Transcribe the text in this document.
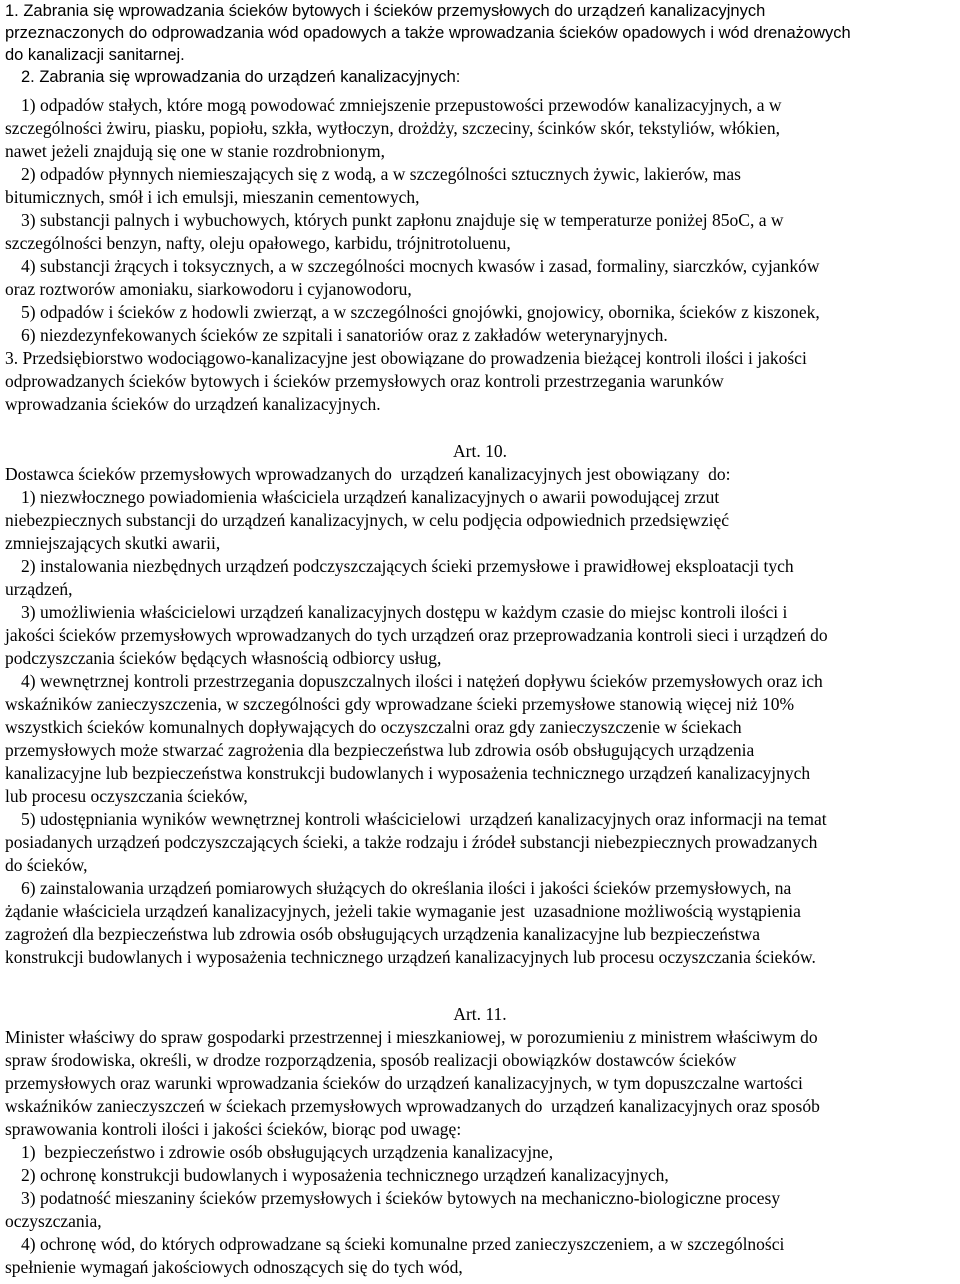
1. Zabrania się wprowadzania ścieków bytowych i ścieków przemysłowych do urządzeń kanalizacyjnych
przeznaczonych do odprowadzania wód opadowych a także wprowadzania ścieków opadowych i wód drenażowych
do kanalizacji sanitarnej.
2. Zabrania się wprowadzania do urządzeń kanalizacyjnych:
1) odpadów stałych, które mogą powodować zmniejszenie przepustowości przewodów kanalizacyjnych, a w
szczególności żwiru, piasku, popiołu, szkła, wytłoczyn, drożdży, szczeciny, ścinków skór, tekstyliów, włókien,
nawet jeżeli znajdują się one w stanie rozdrobnionym,
2) odpadów płynnych niemieszających się z wodą, a w szczególności sztucznych żywic, lakierów, mas
bitumicznych, smół i ich emulsji, mieszanin cementowych,
3) substancji palnych i wybuchowych, których punkt zapłonu znajduje się w temperaturze poniżej 85oC, a w
szczególności benzyn, nafty, oleju opałowego, karbidu, trójnitrotoluenu,
4) substancji żrących i toksycznych, a w szczególności mocnych kwasów i zasad, formaliny, siarczków, cyjanków
oraz roztworów amoniaku, siarkowodoru i cyjanowodoru,
5) odpadów i ścieków z hodowli zwierząt, a w szczególności gnojówki, gnojowicy, obornika, ścieków z kiszonek,
6) niezdezynfekowanych ścieków ze szpitali i sanatoriów oraz z zakładów weterynaryjnych.
3. Przedsiębiorstwo wodociągowo-kanalizacyjne jest obowiązane do prowadzenia bieżącej kontroli ilości i jakości
odprowadzanych ścieków bytowych i ścieków przemysłowych oraz kontroli przestrzegania warunków
wprowadzania ścieków do urządzeń kanalizacyjnych.
Art. 10.
Dostawca ścieków przemysłowych wprowadzanych do  urządzeń kanalizacyjnych jest obowiązany  do:
1) niezwłocznego powiadomienia właściciela urządzeń kanalizacyjnych o awarii powodującej zrzut
niebezpiecznych substancji do urządzeń kanalizacyjnych, w celu podjęcia odpowiednich przedsięwzięć
zmniejszających skutki awarii,
2) instalowania niezbędnych urządzeń podczyszczających ścieki przemysłowe i prawidłowej eksploatacji tych
urządzeń,
3) umożliwienia właścicielowi urządzeń kanalizacyjnych dostępu w każdym czasie do miejsc kontroli ilości i
jakości ścieków przemysłowych wprowadzanych do tych urządzeń oraz przeprowadzania kontroli sieci i urządzeń do
podczyszczania ścieków będących własnością odbiorcy usług,
4) wewnętrznej kontroli przestrzegania dopuszczalnych ilości i natężeń dopływu ścieków przemysłowych oraz ich
wskaźników zanieczyszczenia, w szczególności gdy wprowadzane ścieki przemysłowe stanowią więcej niż 10%
wszystkich ścieków komunalnych dopływających do oczyszczalni oraz gdy zanieczyszczenie w ściekach
przemysłowych może stwarzać zagrożenia dla bezpieczeństwa lub zdrowia osób obsługujących urządzenia
kanalizacyjne lub bezpieczeństwa konstrukcji budowlanych i wyposażenia technicznego urządzeń kanalizacyjnych
lub procesu oczyszczania ścieków,
5) udostępniania wyników wewnętrznej kontroli właścicielowi  urządzeń kanalizacyjnych oraz informacji na temat
posiadanych urządzeń podczyszczających ścieki, a także rodzaju i źródeł substancji niebezpiecznych prowadzanych
do ścieków,
6) zainstalowania urządzeń pomiarowych służących do określania ilości i jakości ścieków przemysłowych, na
żądanie właściciela urządzeń kanalizacyjnych, jeżeli takie wymaganie jest  uzasadnione możliwością wystąpienia
zagrożeń dla bezpieczeństwa lub zdrowia osób obsługujących urządzenia kanalizacyjne lub bezpieczeństwa
konstrukcji budowlanych i wyposażenia technicznego urządzeń kanalizacyjnych lub procesu oczyszczania ścieków.
Art. 11.
Minister właściwy do spraw gospodarki przestrzennej i mieszkaniowej, w porozumieniu z ministrem właściwym do
spraw środowiska, określi, w drodze rozporządzenia, sposób realizacji obowiązków dostawców ścieków
przemysłowych oraz warunki wprowadzania ścieków do urządzeń kanalizacyjnych, w tym dopuszczalne wartości
wskaźników zanieczyszczeń w ściekach przemysłowych wprowadzanych do  urządzeń kanalizacyjnych oraz sposób
sprawowania kontroli ilości i jakości ścieków, biorąc pod uwagę:
1)  bezpieczeństwo i zdrowie osób obsługujących urządzenia kanalizacyjne,
2) ochronę konstrukcji budowlanych i wyposażenia technicznego urządzeń kanalizacyjnych,
3) podatność mieszaniny ścieków przemysłowych i ścieków bytowych na mechaniczno-biologiczne procesy
oczyszczania,
4) ochronę wód, do których odprowadzane są ścieki komunalne przed zanieczyszczeniem, a w szczególności
spełnienie wymagań jakościowych odnoszących się do tych wód,
